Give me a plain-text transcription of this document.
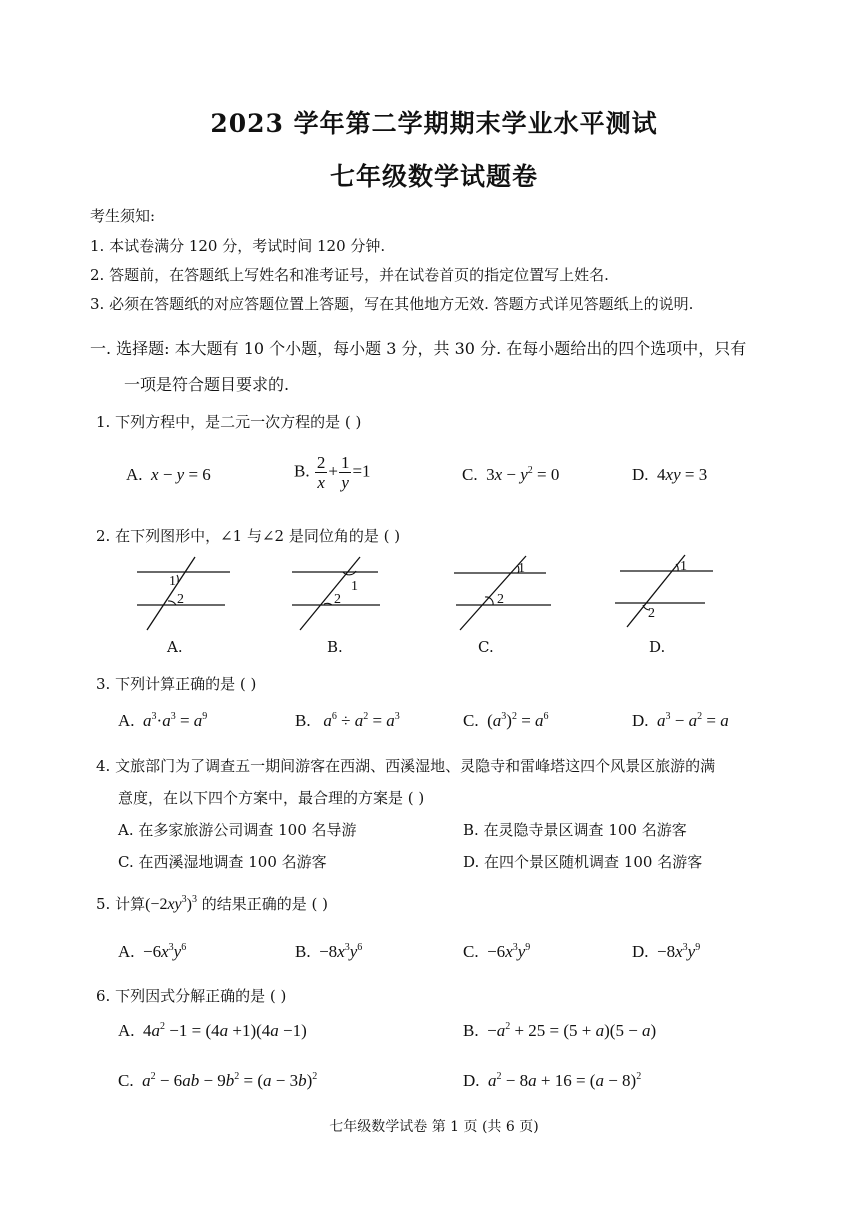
2023 学年第二学期期末学业水平测试
七年级数学试题卷
考生须知:
1. 本试卷满分 120 分，考试时间 120 分钟.
2. 答题前，在答题纸上写姓名和准考证号，并在试卷首页的指定位置写上姓名.
3. 必须在答题纸的对应答题位置上答题，写在其他地方无效. 答题方式详见答题纸上的说明.
一. 选择题: 本大题有 10 个小题，每小题 3 分，共 30 分. 在每小题给出的四个选项中，只有
一项是符合题目要求的.
1. 下列方程中，是二元一次方程的是 ( )
A. x − y = 6	B. $\frac{2}{x} + \frac{1}{y} =1$	C.  $3x - y^2 = 0$	D.  4xy = 3
2. 在下列图形中，∠1 与∠2 是同位角的是 ( )
1
2
1
2
1
2
1
2
A.	B.	C.	D.
3. 下列计算正确的是 ( )
A. $a^3\cdot a^3 = a^9$	B. $a^6 \div a^2 = a^3$	C.  $(a^3)^2 = a^6$	D. $a^3 - a^2 = a$
4. 文旅部门为了调查五一期间游客在西湖、西溪湿地、灵隐寺和雷峰塔这四个风景区旅游的满
意度，在以下四个方案中，最合理的方案是 ( )
A. 在多家旅游公司调查 100 名导游	B. 在灵隐寺景区调查 100 名游客
C. 在西溪湿地调查 100 名游客	D. 在四个景区随机调查 100 名游客
5. 计算$(-2xy^3)^3$ 的结果正确的是 ( )
A.  $-6x^3y^6$	B.  $-8x^3y^6$	C.  $-6x^3y^9$	D.  $-8x^3y^9$
6. 下列因式分解正确的是 ( )
A.  $4a^2 -1 = (4a +1)(4a -1)$	B.  $-a^2 + 25 = (5 + a)(5 - a)$
C. $a^2 - 6ab - 9b^2 = (a - 3b)^2$	D. $a^2 - 8a + 16 = (a - 8)^2$
七年级数学试卷 第 1 页 (共 6 页)
